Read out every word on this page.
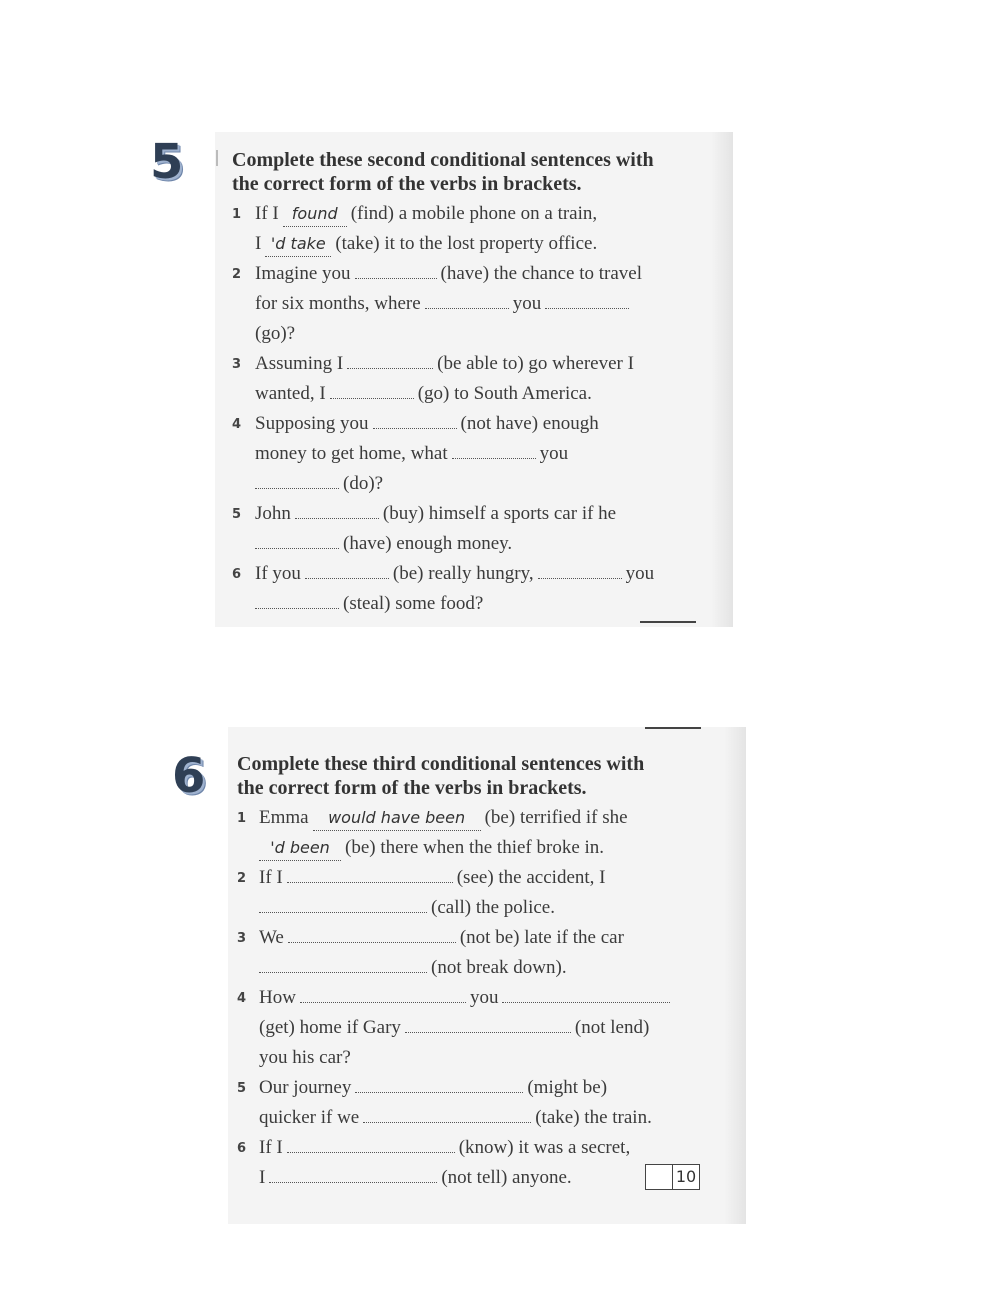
5 Complete these second conditional sentences with
the correct form of the verbs in brackets.
1 If I found (find) a mobile phone on a train,
I 'd take (take) it to the lost property office.
2 Imagine you	(have) the chance to travel
for six months, where	you
(go)?
3 Assuming I	(be able to) go wherever I
wanted, I	(go) to South America.
4 Supposing you	(not have) enough
money to get home, what	you
(do)?
5 John	(buy) himself a sports car if he
(have) enough money.
6 If you	(be) really hungry,	you
(steal) some food?
6 Complete these third conditional sentences with
the correct form of the verbs in brackets.
1 Emma would have been (be) terrified if she
'd been (be) there when the thief broke in.
2 If I	(see) the accident, I
(call) the police.
3 We	(not be) late if the car
(not break down).
4 How	you
(get) home if Gary	(not lend)
you his car?
5 Our journey	(might be)
quicker if we	(take) the train.
6 If I	(know) it was a secret,
I	(not tell) anyone.	10
